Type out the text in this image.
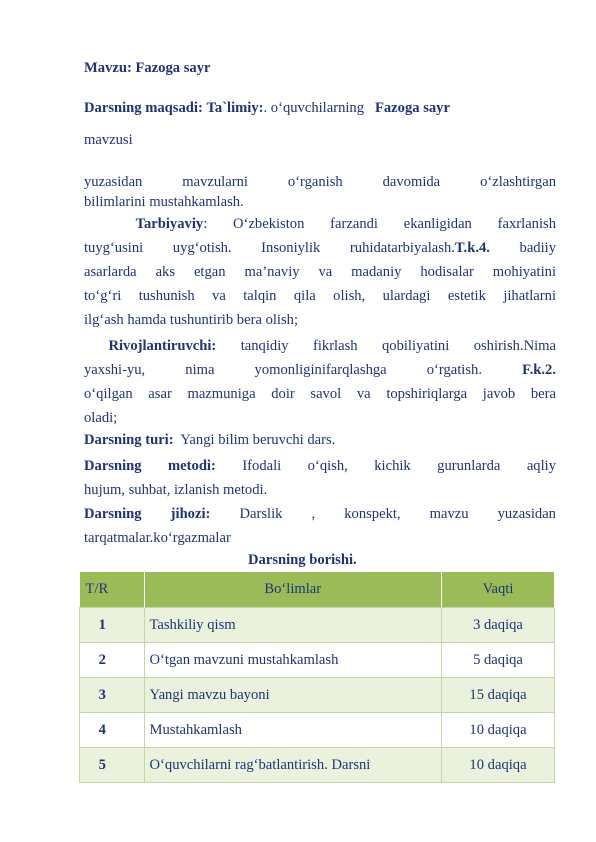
Mavzu: Fazoga sayr
Darsning maqsadi: Ta`limiy:. o‘quvchilarning Fazoga sayr
mavzusi
yuzasidan mavzularni o‘rganish davomida o‘zlashtirgan
bilimlarini mustahkamlash.
Tarbiyaviy: O‘zbekiston farzandi ekanligidan faxrlanish
tuyg‘usini uyg‘otish. Insoniylik ruhidatarbiyalash.T.k.4. badiiy
asarlarda aks etgan ma’naviy va madaniy hodisalar mohiyatini
to‘g‘ri tushunish va talqin qila olish, ulardagi estetik jihatlarni
ilg‘ash hamda tushuntirib bera olish;
Rivojlantiruvchi: tanqidiy fikrlash qobiliyatini oshirish.Nima
yaxshi-yu, nima yomonliginifarqlashga o‘rgatish.	F.k.2.
o‘qilgan asar mazmuniga doir savol va topshiriqlarga javob bera
oladi;
Darsning turi: Yangi bilim beruvchi dars.
Darsning metodi: Ifodali o‘qish, kichik gurunlarda aqliy
hujum, suhbat, izlanish metodi.
Darsning jihozi: Darslik , konspekt, mavzu yuzasidan
tarqatmalar.ko‘rgazmalar
Darsning borishi.
T/R	Bo‘limlar	Vaqti
1	Tashkiliy qism	3 daqiqa
2	O‘tgan mavzuni mustahkamlash	5 daqiqa
3	Yangi mavzu bayoni	15 daqiqa
4	Mustahkamlash	10 daqiqa
5	O‘quvchilarni rag‘batlantirish. Darsni	10 daqiqa
